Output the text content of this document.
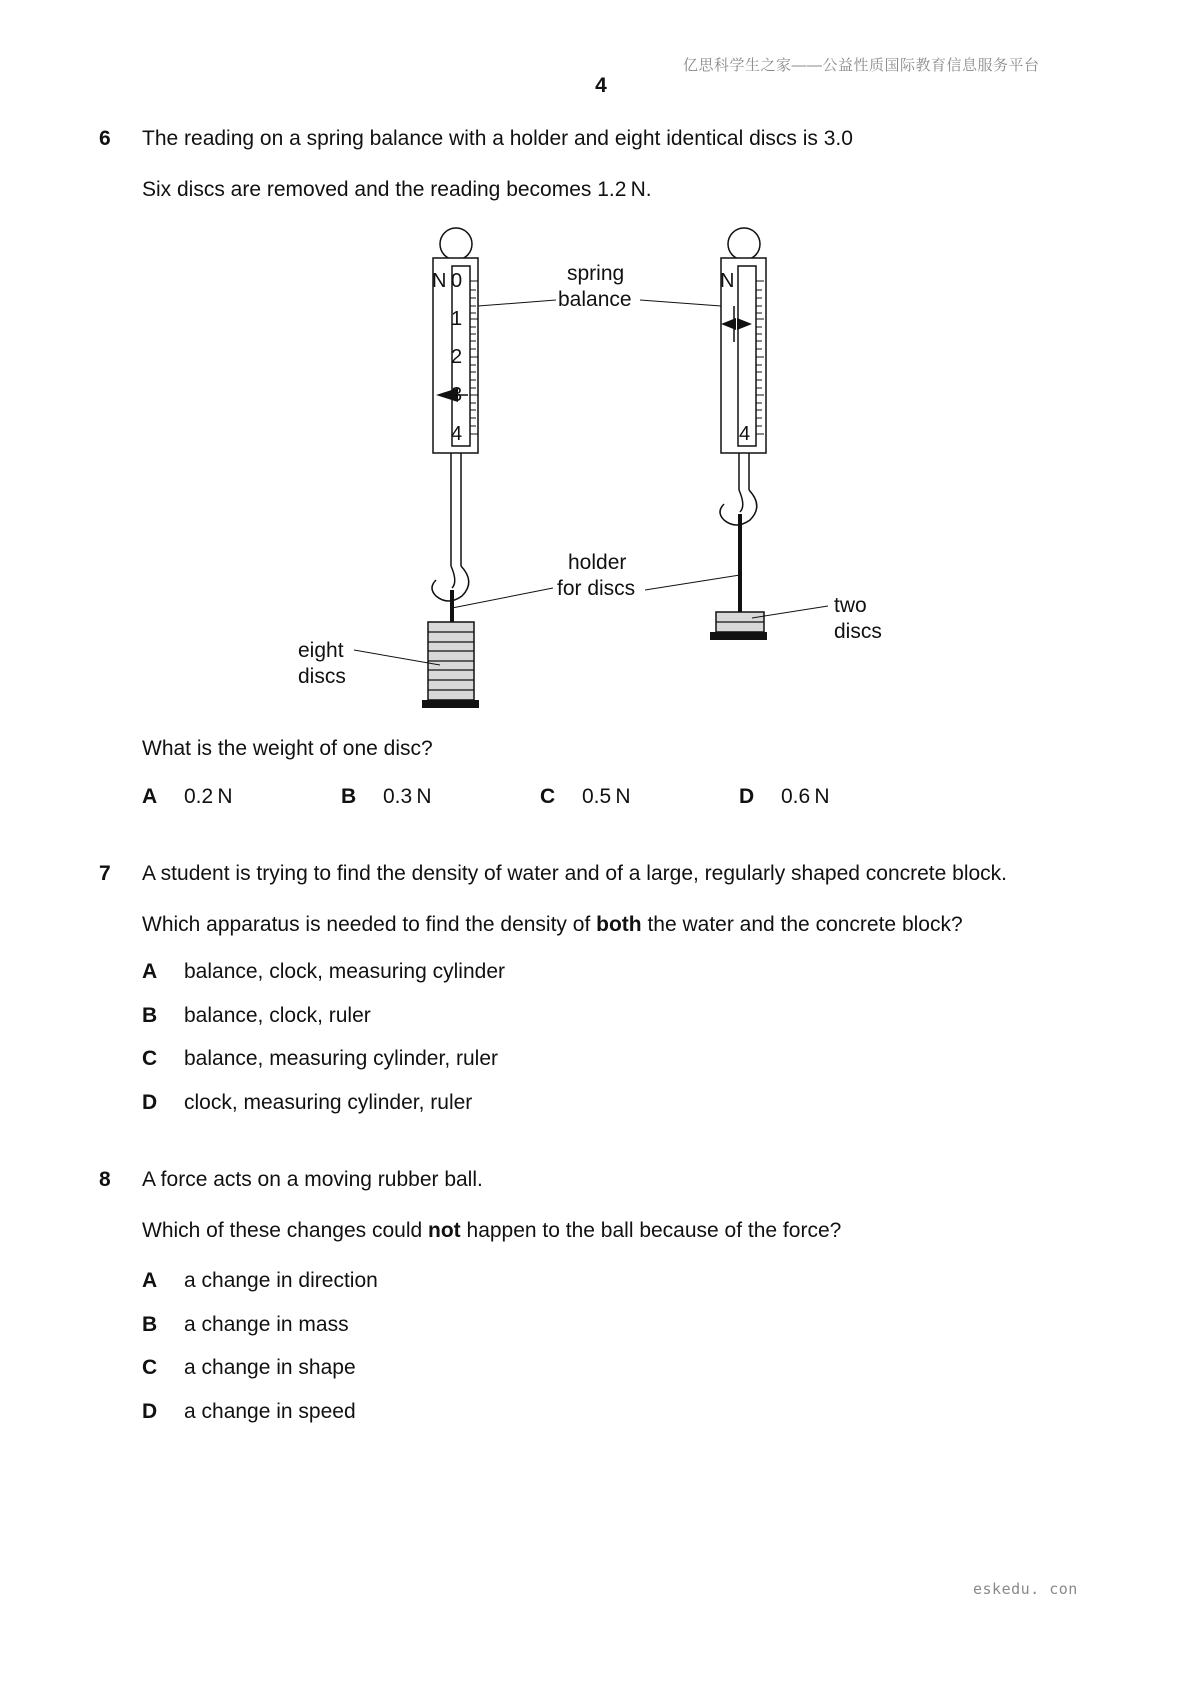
亿思科学生之家——公益性质国际教育信息服务平台
4
6 The reading on a spring balance with a holder and eight identical discs is 3.0
Six discs are removed and the reading becomes 1.2 N.
N 0
1
2
3
4
N
4
spring
balance
holder
for discs
eight
discs
two
discs
What is the weight of one disc?
A 0.2 N	B 0.3 N	C 0.5 N	D 0.6 N
7 A student is trying to find the density of water and of a large, regularly shaped concrete block.
Which apparatus is needed to find the density of both the water and the concrete block?
A balance, clock, measuring cylinder
B balance, clock, ruler
C balance, measuring cylinder, ruler
D clock, measuring cylinder, ruler
8 A force acts on a moving rubber ball.
Which of these changes could not happen to the ball because of the force?
A a change in direction
B a change in mass
C a change in shape
D a change in speed
eskedu. con
